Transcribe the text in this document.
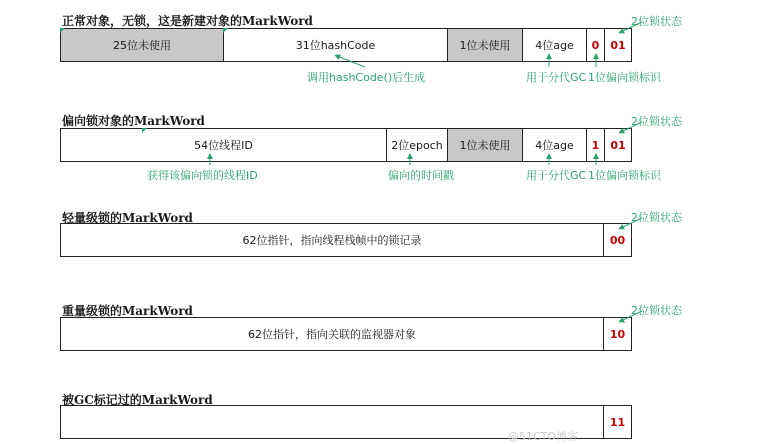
正常对象，无锁，这是新建对象的MarkWord
25位未使用	31位hashCode	1位未使用	4位age	0	01
2位锁状态
调用hashCode()后生成	用于分代GC 1位偏向锁标识
偏向锁对象的MarkWord
54位线程ID	2位epoch	1位未使用	4位age	1	01
2位锁状态
获得该偏向锁的线程ID	偏向的时间戳	用于分代GC 1位偏向锁标识
轻量级锁的MarkWord
62位指针，指向线程栈帧中的锁记录	00
2位锁状态
重量级锁的MarkWord
62位指针，指向关联的监视器对象	10
2位锁状态
被GC标记过的MarkWord
11
@51CTO博客
